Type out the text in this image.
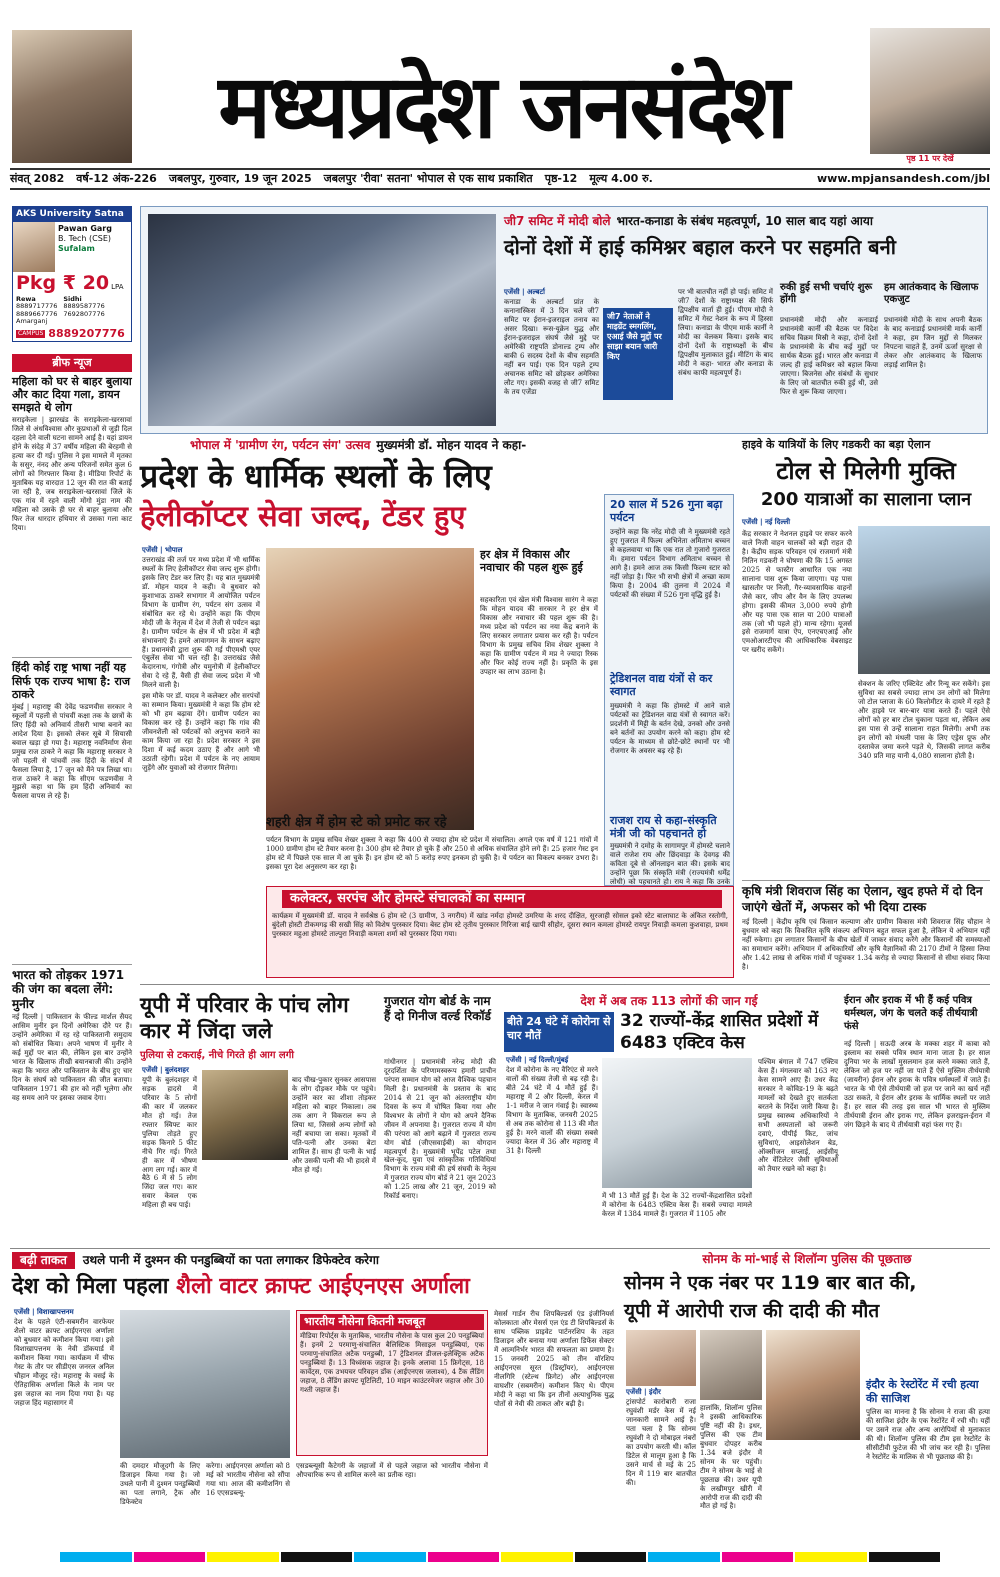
मध्यप्रदेश जनसंदेश
पृष्ठ 11 पर देखें
संवत् 2082 वर्ष-12 अंक-226 जबलपुर, गुरुवार, 19 जून 2025 जबलपुर 'रीवा' सतना' भोपाल से एक साथ प्रकाशित पृष्ठ-12 मूल्य 4.00 रु.	www.mpjansandesh.com/jbl
AKS University Satna
Pawan Garg
B. Tech (CSE)
Sufalam
Pkg ₹ 20 LPA
Rewa
8889717776
8889667776
Amarganj
Sidhi
8889587776
7692807776
CAMPUS 8889207776
ब्रीफ न्यूज
महिला को घर से बाहर बुलाया और काट दिया गला, डायन समझते थे लोग
सराइकेला | झारखंड के सराइकेला-खरसावां जिले से अंधविश्वास और कुप्रथाओं से जुड़ी दिल दहला देने वाली घटना सामने आई है। यहां डायन होने के संदेह में 37 वर्षीय महिला की बेरहमी से हत्या कर दी गई। पुलिस ने इस मामले में मृतका के ससुर, नंनद और अन्य परिजनों समेत कुल 6 लोगों को गिरफ्तार किया है। मीडिया रिपोर्ट के मुताबिक यह वारदात 12 जून की रात की बताई जा रही है, जब सराइकेला-खरसावां जिले के एक गांव में रहने वाली मोंगो मुंडा नाम की महिला को उसके ही घर से बाहर बुलाया और फिर तेज धारदार हथियार से उसका गला काट दिया।
हिंदी कोई राष्ट्र भाषा नहीं यह सिर्फ एक राज्य भाषा है: राज ठाकरे
मुंबई | महाराष्ट्र की देवेंद्र फडणवीस सरकार ने स्कूलों में पहली से पांचवीं कक्षा तक के छात्रों के लिए हिंदी को अनिवार्य तीसरी भाषा बनाने का आदेश दिया है। इसको लेकर सूबे में सियासी बवाल खड़ा हो गया है। महाराष्ट्र नवनिर्माण सेना प्रमुख राज ठाकरे ने कहा कि महाराष्ट्र सरकार ने जो पहली से पांचवीं तक हिंदी के संदर्भ में फैसला लिया है, 17 जून को मैंने पत्र लिखा था। राज ठाकरे ने कहा कि सीएम फडणवीस ने मुझसे कहा था कि हम हिंदी अनिवार्य का फैसला वापस ले रहे हैं।
भारत को तोड़कर 1971 की जंग का बदला लेंगे: मुनीर
नई दिल्ली | पाकिस्तान के फील्ड मार्शल सैयद आसिम मुनीर इन दिनों अमेरिका दौरे पर हैं। उन्होंने अमेरिका में रह रहे पाकिस्तानी समुदाय को संबोधित किया। अपने भाषण में मुनीर ने कई मुद्दों पर बात की, लेकिन इस बार उन्होंने भारत के खिलाफ तीखी बयानबाजी की। उन्होंने कहा कि भारत और पाकिस्तान के बीच हुए चार दिन के संघर्ष को पाकिस्तान की जीत बताया। पाकिस्तान 1971 की हार को नहीं भूलेगा और वह समय आने पर इसका जवाब देगा।
जी7 समिट में मोदी बोले भारत-कनाडा के संबंध महत्वपूर्ण, 10 साल बाद यहां आया
दोनों देशों में हाई कमिश्नर बहाल करने पर सहमति बनी
एजेंसी | अल्बर्टा
कनाडा के अल्बर्टा प्रांत के कनानास्किस में 3 दिन चले जी7 समिट पर ईरान-इजराइल तनाव का असर दिखा। रूस-यूक्रेन युद्ध और ईरान-इजराइल संघर्ष जैसे मुद्दे पर अमेरिकी राष्ट्रपति डोनाल्ड ट्रम्प और बाकी 6 सदस्य देशों के बीच सहमति नहीं बन पाई। एक दिन पहले ट्रम्प अचानक समिट को छोड़कर अमेरिका लौट गए। इसकी वजह से जी7 समिट के तय एजेंडा
जी7 नेताओं ने माइग्रेंट स्मगलिंग, एआई जैसे मुद्दों पर साझा बयान जारी किए
पर भी बातचीत नहीं हो पाई। समिट में जी7 देशों के राष्ट्राध्यक्ष की सिर्फ द्विपक्षीय वार्ता ही हुई। पीएम मोदी ने समिट में गेस्ट नेशन के रूप में हिस्सा लिया। कनाडा के पीएम मार्क कार्नी ने मोदी का वेलकम किया। इसके बाद दोनों देशों के राष्ट्राध्यक्षों के बीच द्विपक्षीय मुलाकात हुई। मीटिंग के बाद मोदी ने कहा- भारत और कनाडा के संबंध काफी महत्वपूर्ण हैं।
रुकी हुई सभी चर्चाएं शुरू होंगी
प्रधानमंत्री मोदी और कनाडाई प्रधानमंत्री कार्नी की बैठक पर विदेश सचिव विक्रम मिस्री ने कहा, दोनों देशों के प्रधानमंत्री के बीच कई मुद्दों पर सार्थक बैठक हुई। भारत और कनाडा में जल्द ही हाई कमिश्नर को बहाल किया जाएगा। बिजनेस और संबंधों के सुधार के लिए जो बातचीत रुकी हुई थी, उसे फिर से शुरू किया जाएगा।
हम आतंकवाद के खिलाफ एकजुट
प्रधानमंत्री मोदी के साथ अपनी बैठक के बाद कनाडाई प्रधानमंत्री मार्क कार्नी ने कहा, हम जिन मुद्दों से मिलकर निपटना चाहते हैं, उनमें ऊर्जा सुरक्षा से लेकर और आतंकवाद के खिलाफ लड़ाई शामिल है।
भोपाल में 'ग्रामीण रंग, पर्यटन संग' उत्सव मुख्यमंत्री डॉ. मोहन यादव ने कहा-
प्रदेश के धार्मिक स्थलों के लिए
हेलीकॉप्टर सेवा जल्द, टेंडर हुए
एजेंसी | भोपाल
उत्तराखंड की तर्ज पर मध्य प्रदेश में भी धार्मिक स्थलों के लिए हेलीकॉप्टर सेवा जल्द शुरू होगी। इसके लिए टेंडर कर लिए हैं। यह बात मुख्यमंत्री डॉ. मोहन यादव ने कही। वे बुधवार को कुशाभाऊ ठाकरे सभागार में आयोजित पर्यटन विभाग के ग्रामीण रंग, पर्यटन संग उत्सव में संबोधित कर रहे थे। उन्होंने कहा कि पीएम मोदी जी के नेतृत्व में देश में तेजी से पर्यटन बढ़ा है। ग्रामीण पर्यटन के क्षेत्र में भी प्रदेश में बड़ी संभावनाएं हैं। हमने आवागमन के साधन बढ़ाए हैं। प्रधानमंत्री द्वारा शुरू की गई पीएमश्री एयर एंबुलेंस सेवा भी चल रही है। उत्तराखंड जैसे केदारनाथ, गंगोत्री और यमुनोत्री में हेलीकॉप्टर सेवा दे रहे हैं, वैसी ही सेवा जल्द प्रदेश में भी मिलने वाली है।
इस मौके पर डॉ. यादव ने कलेक्टर और सरपंचों का सम्मान किया। मुख्यमंत्री ने कहा कि होम स्टे को भी हम बढ़ावा देंगे। ग्रामीण पर्यटन का विकास कर रहे हैं। उन्होंने कहा कि गांव की जीवनशैली को पर्यटकों को अनुभव कराने का काम किया जा रहा है। प्रदेश सरकार ने इस दिशा में कई कदम उठाए हैं और आगे भी उठाती रहेगी। प्रदेश में पर्यटन के नए आयाम जुड़ेंगे और युवाओं को रोजगार मिलेगा।
शहरी क्षेत्र में होम स्टे को प्रमोट कर रहे
हर क्षेत्र में विकास और नवाचार की पहल शुरू हुई
सहकारिता एवं खेल मंत्री विश्वास सारंग ने कहा कि मोहन यादव की सरकार ने हर क्षेत्र में विकास और नवाचार की पहल शुरू की है। मध्य प्रदेश को पर्यटन का नया केंद्र बनाने के लिए सरकार लगातार प्रयास कर रही है। पर्यटन विभाग के प्रमुख सचिव शिव शेखर शुक्ला ने कहा कि ग्रामीण पर्यटन में मप्र ने ज्यादा रिस्क और फिर कोई राज्य नहीं है। प्रकृति के इस उपहार का लाभ उठाना है।
पर्यटन विभाग के प्रमुख सचिव शेखर शुक्ला ने कहा कि 400 से ज्यादा होम स्टे प्रदेश में संचालित। अगले एक वर्ष में 121 गांवों में 1000 ग्रामीण होम स्टे तैयार करना है। 300 होम स्टे तैयार हो चुके हैं और 250 से अधिक संचालित होने लगे हैं। 25 हजार गेस्ट इन होम स्टे में पिछले एक साल में आ चुके हैं। इन होम स्टे को 5 करोड़ रुपए इनकम हो चुकी है। ये पर्यटन का विकल्प बनकर उभरा है। इसका पूरा देश अनुसरण कर रहा है।
20 साल में 526 गुना बढ़ा पर्यटन
उन्होंने कहा कि नरेंद्र मोदी जी ने मुख्यमंत्री रहते हुए गुजरात में फिल्म अभिनेता अमिताभ बच्चन से कहलवाया था कि एक रात तो गुजारो गुजरात में। हमारा पर्यटन विभाग अमिताभ बच्चन से आगे है। हमने आज तक किसी फिल्म स्टार को नहीं जोड़ा है। फिर भी सभी क्षेत्रों में अच्छा काम किया है। 2004 की तुलना में 2024 में पर्यटकों की संख्या में 526 गुना वृद्धि हुई है।
ट्रेडिशनल वाद्य यंत्रों से कर स्वागत
मुख्यमंत्री ने कहा कि होमस्टे में आने वाले पर्यटकों का ट्रेडिशनल वाद्य यंत्रों से स्वागत करें। प्रदर्शनी में मिट्टी के बर्तन देखे, उनको और उनसे बने बर्तनों का उपयोग करने को कहा। होम स्टे पर्यटन के माध्यम से छोटे-छोटे स्थानों पर भी रोजगार के अवसर बढ़ रहे हैं।
राजश राय से कहा-संस्कृति मंत्री जी को पहचानते हो
मुख्यमंत्री ने दमोह के सागामपुर में होमस्टे चलाने वाले राजेश राय और छिंदवाड़ा के देवगढ़ की कविता दूबे से ऑनलाइन बात की। इसके बाद उन्होंने पूछा कि संस्कृति मंत्री (राज्यमंत्री धर्मेंद्र लोधी) को पहचानते हो। राय ने कहा कि उनके
कलेक्टर, सरपंच और होमस्टे संचालकों का सम्मान
कार्यक्रम में मुख्यमंत्री डॉ. यादव ने सर्वश्रेष्ठ 6 होम स्टे (3 ग्रामीण, 3 नगरीय) में खांड नर्मदा होमस्टे उमरिया के शरद दीक्षित, सुरजाही सोसल इको स्टेट बालाघाट के अंकित रस्तोगी, बुंदेली होस्टी टीकमगढ़ की सखी सिंह को विशेष पुरस्कार दिया। बेस्ट होम स्टे तृतीय पुरस्कार गिरिजा बाई खापी सीहोर, दूसरा स्थान कमला होमस्टे रायपुर निवाड़ी कमला कुशवाहा, प्रथम पुरस्कार महुआ होमस्टे ताल्पुरा निवाड़ी कमला शर्मा को पुरस्कार दिया गया।
हाइवे के यात्रियों के लिए गडकरी का बड़ा ऐलान
टोल से मिलेगी मुक्ति
200 यात्राओं का सालाना प्लान
एजेंसी | नई दिल्ली
केंद्र सरकार ने नेशनल हाइवे पर सफर करने वाले निजी वाहन चालकों को बड़ी राहत दी है। केंद्रीय सड़क परिवहन एवं राजमार्ग मंत्री नितिन गडकरी ने घोषणा की कि 15 अगस्त 2025 से फास्टैग आधारित एक नया सालाना पास शुरू किया जाएगा। यह पास खासतौर पर निजी, गैर-व्यावसायिक वाहनों जैसे कार, जीप और वैन के लिए उपलब्ध होगा। इसकी कीमत 3,000 रुपये होगी और यह पास एक साल या 200 यात्राओं तक (जो भी पहले हो) मान्य रहेगा। यूजर्स इसे राजमार्ग यात्रा ऐप, एनएचएआई और एमओआरटीएच की आधिकारिक वेबसाइट पर खरीद सकेंगे।
सेक्शन के जरिए एक्टिवेट और रिन्यू कर सकेंगे। इस सुविधा का सबसे ज्यादा लाभ उन लोगों को मिलेगा जो टोल प्लाजा के 60 किलोमीटर के दायरे में रहते हैं और हाइवे पर बार-बार यात्रा करते हैं। पहले ऐसे लोगों को हर बार टोल चुकाना पड़ता था, लेकिन अब इस पास से उन्हें सालाना राहत मिलेगी। अभी तक इन लोगों को मंथली पास के लिए एड्रेस प्रूफ और दस्तावेज जमा करने पड़ते थे, जिसकी लागत करीब 340 प्रति माह यानी 4,080 सालाना होती है।
कृषि मंत्री शिवराज सिंह का ऐलान, खुद हफ्ते में दो दिन जाएंगे खेतों में, अफसर को भी दिया टास्क
नई दिल्ली | केंद्रीय कृषि एवं किसान कल्याण और ग्रामीण विकास मंत्री शिवराज सिंह चौहान ने बुधवार को कहा कि विकसित कृषि संकल्प अभियान बहुत सफल हुआ है, लेकिन ये अभियान यहीं नहीं रुकेगा। हम लगातार किसानों के बीच खेतों में जाकर संवाद करेंगे और किसानों की समस्याओं का समाधान करेंगे। अभियान में अधिकारियों और कृषि वैज्ञानिकों की 2170 टीमों ने हिस्सा लिया और 1.42 लाख से अधिक गांवों में पहुंचकर 1.34 करोड़ से ज्यादा किसानों से सीधा संवाद किया है।
यूपी में परिवार के पांच लोग कार में जिंदा जले
पुलिया से टकराई, नीचे गिरते ही आग लगी
एजेंसी | बुलंदशहर
यूपी के बुलंदशहर में सड़क हादसे में परिवार के 5 लोगों की कार में जलकर मौत हो गई। तेज रफ्तार स्विफ्ट कार पुलिया तोड़ते हुए सड़क किनारे 5 फीट नीचे गिर गई। गिरते ही कार में भीषण आग लग गई। कार में बैठे 6 में से 5 लोग जिंदा जल गए। कार सवार केवल एक महिला ही बच पाई।
बाद चीख-पुकार सुनकर आसपास के लोग दौड़कर मौके पर पहुंचे। उन्होंने कार का शीशा तोड़कर महिला को बाहर निकाला। तब तक आग ने विकराल रूप ले लिया था, जिससे अन्य लोगों को नहीं बचाया जा सका। मृतकों में पति-पत्नी और उनका बेटा शामिल हैं। साथ ही पत्नी के भाई और उसकी पत्नी की भी हादसे में मौत हो गई।
गुजरात योग बोर्ड के नाम हैं दो गिनीज वर्ल्ड रिकॉर्ड
गांधीनगर | प्रधानमंत्री नरेन्द्र मोदी की दूरदर्शिता के परिणामस्वरूप हमारी प्राचीन परंपरा सम्मान योग को आज वैश्विक पहचान मिली है। प्रधानमंत्री के प्रस्ताव के बाद 2014 से 21 जून को अंतरराष्ट्रीय योग दिवस के रूप में घोषित किया गया और विश्वभर के लोगों ने योग को अपने दैनिक जीवन में अपनाया है। गुजरात राज्य में योग की परंपरा को आगे बढ़ाने में गुजरात राज्य योग बोर्ड (जीएसवाईबी) का योगदान महत्वपूर्ण है। मुख्यमंत्री भूपेंद्र पटेल तथा खेल-कूद, युवा एवं सांस्कृतिक गतिविधियां विभाग के राज्य मंत्री की हर्ष संघवी के नेतृत्व में गुजरात राज्य योग बोर्ड ने 21 जून 2023 को 1.25 लाख और 21 जून, 2019 को रिकॉर्ड बनाए।
देश में अब तक 113 लोगों की जान गई
बीते 24 घंटे में कोरोना से चार मौतें
32 राज्यों-केंद्र शासित प्रदेशों में 6483 एक्टिव केस
एजेंसी | नई दिल्ली/मुंबई
देश में कोरोना के नए वैरिएंट से मरने वालों की संख्या तेजी से बढ़ रही है। बीते 24 घंटे में 4 मौतें हुई हैं। महाराष्ट्र में 2 और दिल्ली, केरल में 1-1 मरीज ने जान गंवाई है। स्वास्थ्य विभाग के मुताबिक, जनवरी 2025 से अब तक कोरोना से 113 की मौत हुई है। मरने वालों की संख्या सबसे ज्यादा केरल में 36 और महाराष्ट्र में 31 है। दिल्ली
में भी 13 मौतें हुई हैं। देश के 32 राज्यों-केंद्रशासित प्रदेशों में कोरोना के 6483 एक्टिव केस हैं। सबसे ज्यादा मामले केरल में 1384 मामले हैं। गुजरात में 1105 और
पश्चिम बंगाल में 747 एक्टिव केस हैं। मंगलवार को 163 नए केस सामने आए हैं। उधर केंद्र सरकार ने कोविड-19 के बढ़ते मामलों को देखते हुए सतर्कता बरतने के निर्देश जारी किया है। प्रमुख स्वास्थ्य अधिकारियों ने सभी अस्पतालों को जरूरी दवाएं, पीपीई किट, जांच सुविधाएं, आइसोलेशन बेड, ऑक्सीजन सप्लाई, आईसीयू और वेंटिलेटर जैसी सुविधाओं को तैयार रखने को कहा है।
ईरान और इराक में भी हैं कई पवित्र धर्मस्थल, जंग के चलते कई तीर्थयात्री फंसे
नई दिल्ली | सऊदी अरब के मक्का शहर में काबा को इस्लाम का सबसे पवित्र स्थान माना जाता है। हर साल दुनिया भर के लाखों मुसलमान हज करने मक्का जाते हैं, लेकिन जो हज पर नहीं जा पाते हैं ऐसे मुस्लिम तीर्थयात्री (जायरीन) ईरान और इराक के पवित्र धर्मस्थलों में जाते हैं। भारत के भी ऐसे तीर्थयात्री जो हज पर जाने का खर्च नहीं उठा सकते, वे ईरान और इराक के धार्मिक स्थलों पर जाते हैं। हर साल की तरह इस साल भी भारत से मुस्लिम तीर्थयात्री ईरान और इराक गए, लेकिन इजराइल-ईरान में जंग छिड़ने के बाद ये तीर्थयात्री वहां फंस गए हैं।
बढ़ी ताकत	उथले पानी में दुश्मन की पनडुब्बियों का पता लगाकर डिफेक्टेव करेगा
देश को मिला पहला शैलो वाटर क्राफ्ट आईएनएस अर्णाला
एजेंसी | विशाखापत्तनम
देश के पहले एंटी-सबमरीन वारफेयर शैलो वाटर क्राफ्ट आईएनएस अर्णाला को बुधवार को कमीशन किया गया। इसे विशाखापत्तनम के नेवी डॉकयार्ड में कमीशन किया गया। कार्यक्रम में चीफ गेस्ट के तौर पर सीडीएस जनरल अनिल चौहान मौजूद रहे। महाराष्ट्र के वसई के ऐतिहासिक अर्णाला किले के नाम पर इस जहाज का नाम दिया गया है। यह जहाज हिंद महासागर में
भारतीय नौसेना कितनी मजबूत
मीडिया रिपोर्ट्स के मुताबिक, भारतीय नौसेना के पास कुल 20 पनडुब्बियां हैं। इनमें 2 परमाणु-संचालित बैलिस्टिक मिसाइल पनडुब्बियां, एक परमाणु-संचालित अटैक पनडुब्बी, 17 ट्रेडिशनल डीजल-इलेक्ट्रिक अटैक पनडुब्बियां हैं। 13 विध्वंसक जहाज है। इनके अलावा 15 फ्रिगेट्स, 18 कार्वेट्स, एक उभयचर परिवहन डॉक (आईएनएस जलाश्व), 4 टैंक लैंडिंग जहाज, 8 लैंडिंग क्राफ्ट यूटिलिटी, 10 माइन काउंटरमेजर जहाज और 30 गश्ती जहाज हैं।
की दमदार मौजूदगी के लिए डिजाइन किया गया है। जो उथले पानी में दुश्मन पनडुब्बियों का पता लगाने, ट्रैक और डिफेक्टेव
करेगा। आईएनएस अर्णाला को 8 मई को भारतीय नौसेना को सौंपा गया था। आज की कमीशनिंग से 16 एएसडब्ल्यू-
एसडब्ल्यूसी कैटेगरी के जहाजों में से पहले जहाज को भारतीय नौसेना में औपचारिक रूप से शामिल करने का प्रतीक रहा।
मेसर्स गार्डन रीच शिपबिल्डर्स एंड इंजीनियर्स कोलकाता और मेसर्स एल एंड टी शिपबिल्डर्स के साथ पब्लिक प्राइवेट पार्टनरशिप के तहत डिजाइन और बनाया गया अर्णाला डिफेंस सेक्टर में आत्मनिर्भर भारत की सफलता का प्रमाण है। 15 जनवरी 2025 को तीन वॉरशिप आईएनएस सूरत (डिस्ट्रॉयर), आईएनएस नीलगिरि (स्टेल्थ फ्रिगेट) और आईएनएस वाघशीर (सबमरीन) कमीशन किए थे। पीएम मोदी ने कहा था कि इन तीनों अत्याधुनिक युद्ध पोतों से नेवी की ताकत और बढ़ी है।
सोनम के मां-भाई से शिलॉन्ग पुलिस की पूछताछ
सोनम ने एक नंबर पर 119 बार बात की,
यूपी में आरोपी राज की दादी की मौत
एजेंसी | इंदौर
ट्रांसपोर्ट कारोबारी राजा रघुवंशी मर्डर केस में नई जानकारी सामने आई है। पता चला है कि सोनम रघुवंशी ने दो मोबाइल नंबरों का उपयोग करती थी। कॉल डिटेल से मालूम हुआ है कि उसने मार्च से मई के 25 दिन में 119 बार बातचीत की।
हालांकि, शिलॉन्ग पुलिस ने इसकी आधिकारिक पुष्टि नहीं की है। इधर, पुलिस की एक टीम बुधवार दोपहर करीब 1.34 बजे इंदौर में सोनम के घर पहुंची। टीम ने सोनम के भाई से पूछताछ की। उधर यूपी के लखीमपुर खीरी में आरोपी राज की दादी की मौत हो गई है।
इंदौर के रेस्टोरेंट में रची हत्या की साजिश
पुलिस का मानना है कि सोनम ने राजा की हत्या की साजिश इंदौर के एक रेस्टोरेंट में रची थी। यहीं पर उसने राज और अन्य आरोपियों से मुलाकात की थी। शिलॉन्ग पुलिस की टीम इस रेस्टोरेंट के सीसीटीवी फुटेज की भी जांच कर रही है। पुलिस ने रेस्टोरेंट के मालिक से भी पूछताछ की है।
